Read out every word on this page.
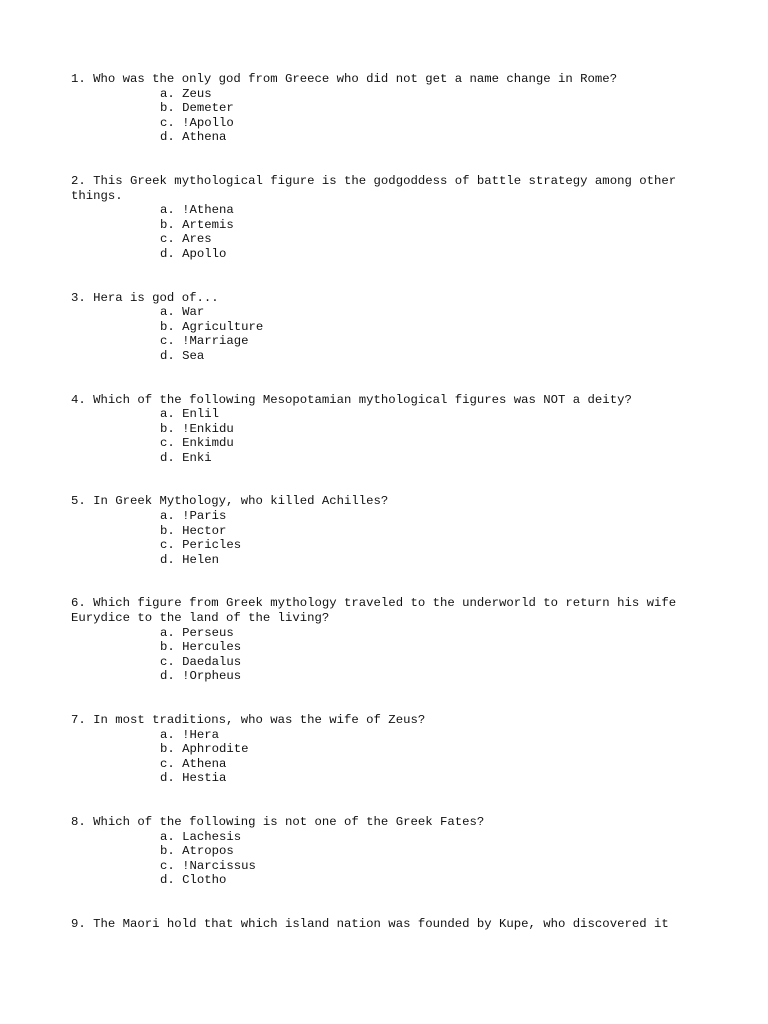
1. Who was the only god from Greece who did not get a name change in Rome?
a. Zeus
b. Demeter
c. !Apollo
d. Athena
2. This Greek mythological figure is the godgoddess of battle strategy among other things.
a. !Athena
b. Artemis
c. Ares
d. Apollo
3. Hera is god of...
a. War
b. Agriculture
c. !Marriage
d. Sea
4. Which of the following Mesopotamian mythological figures was NOT a deity?
a. Enlil
b. !Enkidu
c. Enkimdu
d. Enki
5. In Greek Mythology, who killed Achilles?
a. !Paris
b. Hector
c. Pericles
d. Helen
6. Which figure from Greek mythology traveled to the underworld to return his wife Eurydice to the land of the living?
a. Perseus
b. Hercules
c. Daedalus
d. !Orpheus
7. In most traditions, who was the wife of Zeus?
a. !Hera
b. Aphrodite
c. Athena
d. Hestia
8. Which of the following is not one of the Greek Fates?
a. Lachesis
b. Atropos
c. !Narcissus
d. Clotho
9. The Maori hold that which island nation was founded by Kupe, who discovered it
